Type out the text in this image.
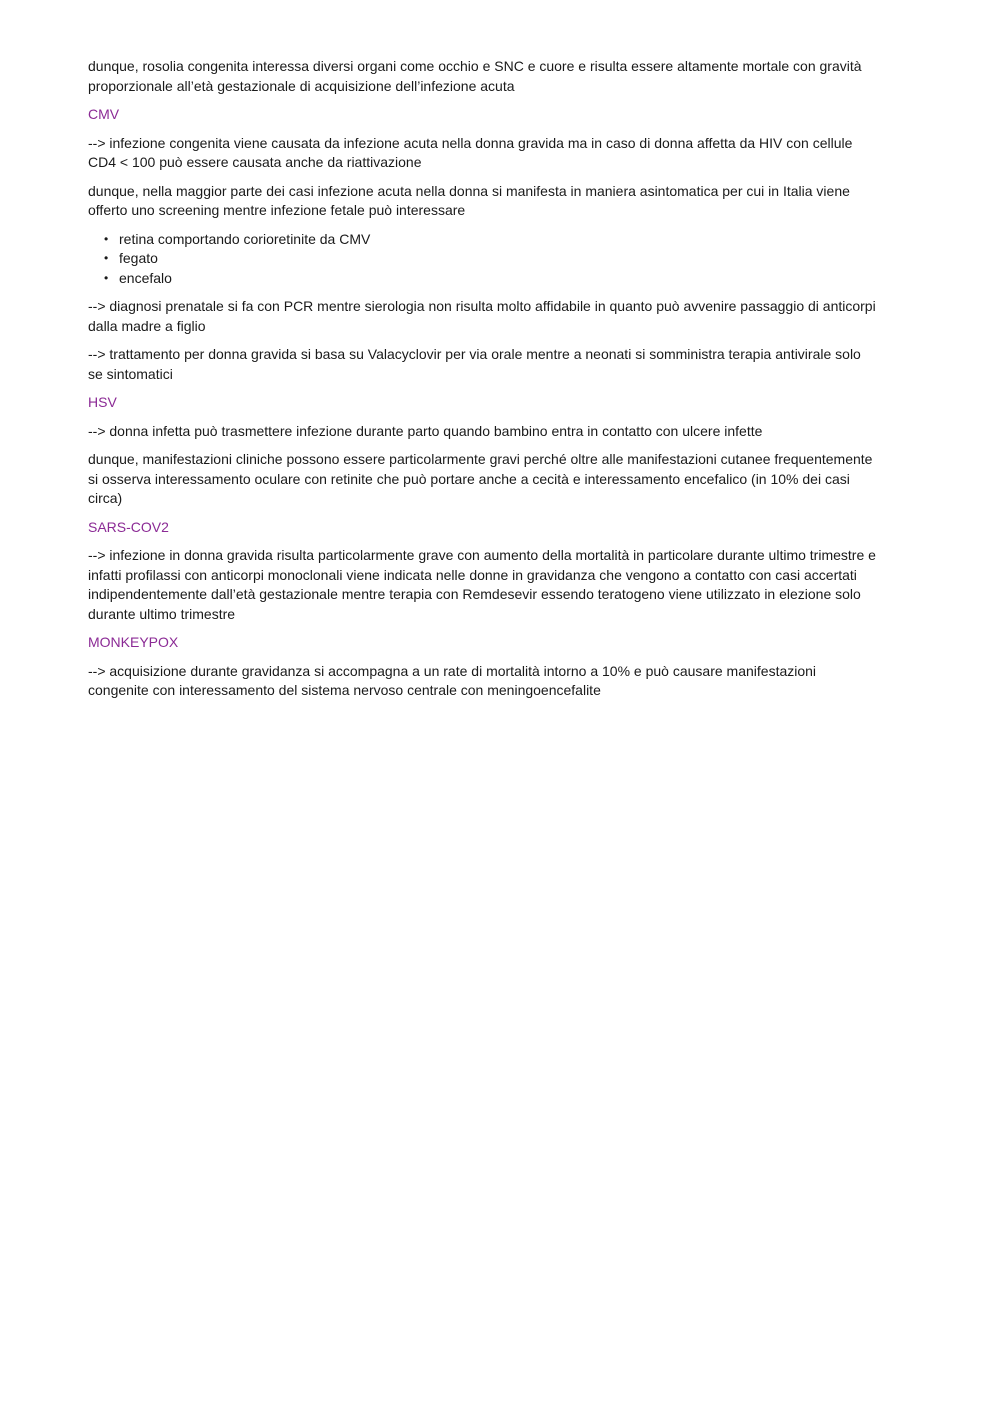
dunque, rosolia congenita interessa diversi organi come occhio e SNC e cuore e risulta essere altamente mortale con gravità proporzionale all’età gestazionale di acquisizione dell’infezione acuta

CMV

--> infezione congenita viene causata da infezione acuta nella donna gravida ma in caso di donna affetta da HIV con cellule CD4 < 100 può essere causata anche da riattivazione

dunque, nella maggior parte dei casi infezione acuta nella donna si manifesta in maniera asintomatica per cui in Italia viene offerto uno screening mentre infezione fetale può interessare

• retina comportando corioretinite da CMV
• fegato
• encefalo

--> diagnosi prenatale si fa con PCR mentre sierologia non risulta molto affidabile in quanto può avvenire passaggio di anticorpi dalla madre a figlio

--> trattamento per donna gravida si basa su Valacyclovir per via orale mentre a neonati si somministra terapia antivirale solo se sintomatici

HSV

--> donna infetta può trasmettere infezione durante parto quando bambino entra in contatto con ulcere infette

dunque, manifestazioni cliniche possono essere particolarmente gravi perché oltre alle manifestazioni cutanee frequentemente si osserva interessamento oculare con retinite che può portare anche a cecità e interessamento encefalico (in 10% dei casi circa)

SARS-COV2

--> infezione in donna gravida risulta particolarmente grave con aumento della mortalità in particolare durante ultimo trimestre e infatti profilassi con anticorpi monoclonali viene indicata nelle donne in gravidanza che vengono a contatto con casi accertati indipendentemente dall’età gestazionale mentre terapia con Remdesevir essendo teratogeno viene utilizzato in elezione solo durante ultimo trimestre

MONKEYPOX

--> acquisizione durante gravidanza si accompagna a un rate di mortalità intorno a 10% e può causare manifestazioni congenite con interessamento del sistema nervoso centrale con meningoencefalite
